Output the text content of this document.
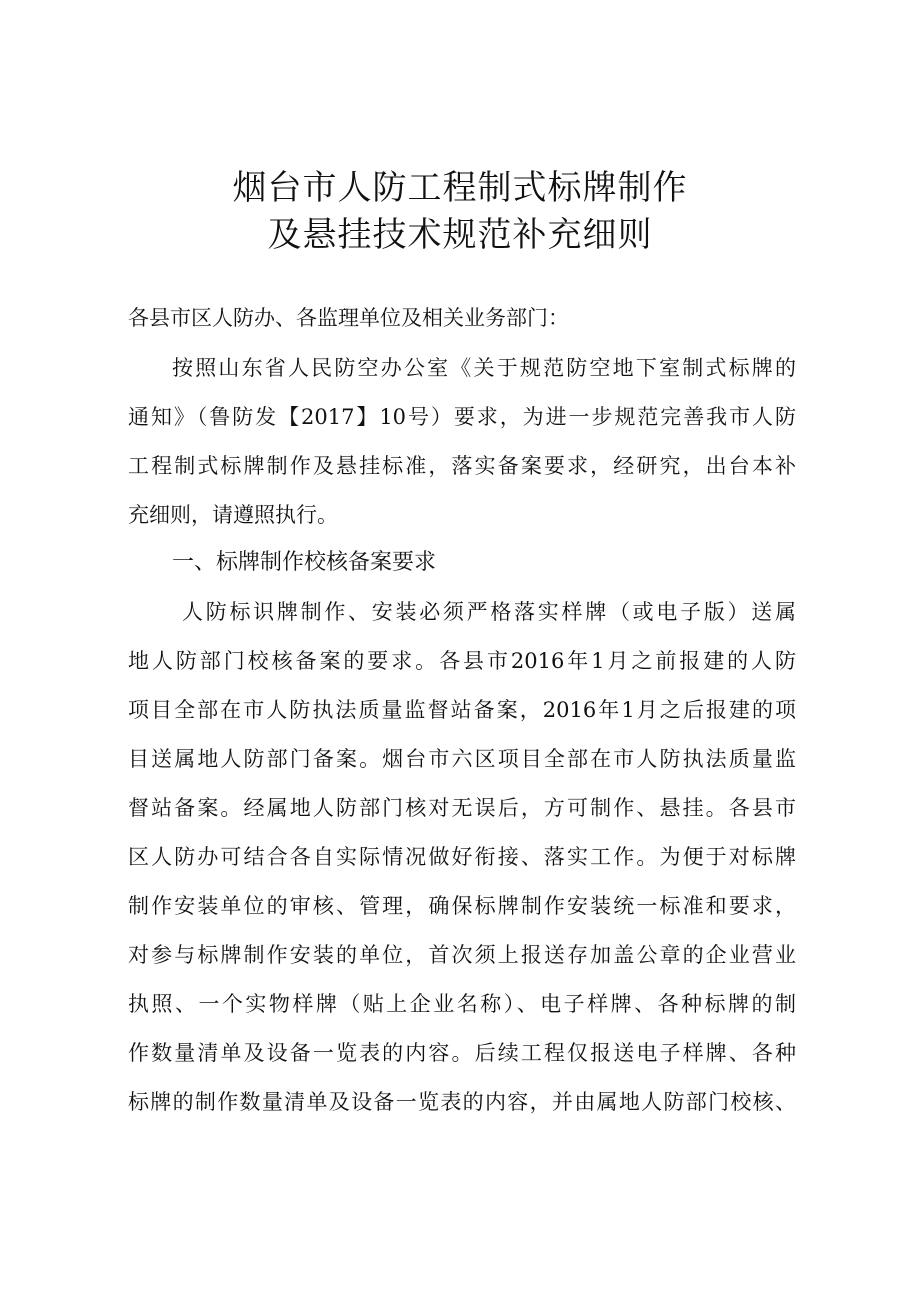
烟台市人防工程制式标牌制作
及悬挂技术规范补充细则
各县市区人防办、各监理单位及相关业务部门：
按照山东省人民防空办公室《关于规范防空地下室制式标牌的
通知》（鲁防发【2017】10号）要求，为进一步规范完善我市人防
工程制式标牌制作及悬挂标准，落实备案要求，经研究，出台本补
充细则，请遵照执行。
一、标牌制作校核备案要求
人防标识牌制作、安装必须严格落实样牌（或电子版）送属
地人防部门校核备案的要求。各县市2016年1月之前报建的人防
项目全部在市人防执法质量监督站备案，2016年1月之后报建的项
目送属地人防部门备案。烟台市六区项目全部在市人防执法质量监
督站备案。经属地人防部门核对无误后，方可制作、悬挂。各县市
区人防办可结合各自实际情况做好衔接、落实工作。为便于对标牌
制作安装单位的审核、管理，确保标牌制作安装统一标准和要求，
对参与标牌制作安装的单位，首次须上报送存加盖公章的企业营业
执照、一个实物样牌（贴上企业名称）、电子样牌、各种标牌的制
作数量清单及设备一览表的内容。后续工程仅报送电子样牌、各种
标牌的制作数量清单及设备一览表的内容，并由属地人防部门校核、
